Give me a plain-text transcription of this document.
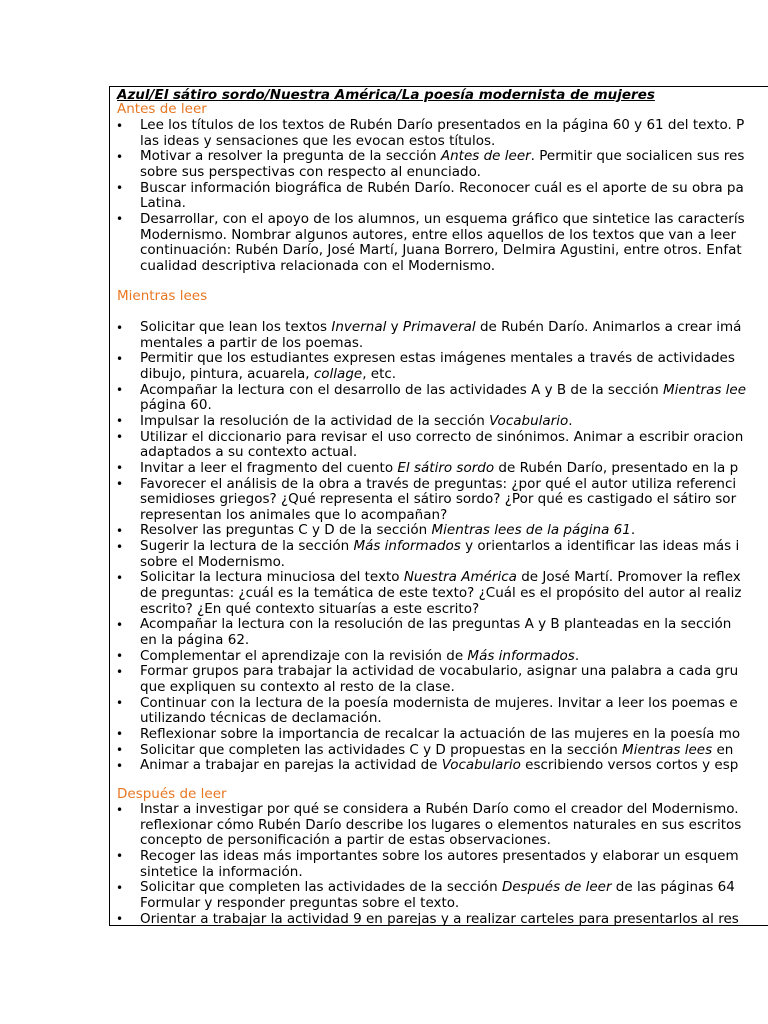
Azul/El sátiro sordo/Nuestra América/La poesía modernista de mujeres
Antes de leer
• Lee los títulos de los textos de Rubén Darío presentados en la página 60 y 61 del texto. P
las ideas y sensaciones que les evocan estos títulos.
• Motivar a resolver la pregunta de la sección Antes de leer. Permitir que socialicen sus res
sobre sus perspectivas con respecto al enunciado.
• Buscar información biográfica de Rubén Darío. Reconocer cuál es el aporte de su obra pa
Latina.
• Desarrollar, con el apoyo de los alumnos, un esquema gráfico que sintetice las caracterís
Modernismo. Nombrar algunos autores, entre ellos aquellos de los textos que van a leer
continuación: Rubén Darío, José Martí, Juana Borrero, Delmira Agustini, entre otros. Enfat
cualidad descriptiva relacionada con el Modernismo.
Mientras lees
• Solicitar que lean los textos Invernal y Primaveral de Rubén Darío. Animarlos a crear imá
mentales a partir de los poemas.
• Permitir que los estudiantes expresen estas imágenes mentales a través de actividades
dibujo, pintura, acuarela, collage, etc.
• Acompañar la lectura con el desarrollo de las actividades A y B de la sección Mientras lee
página 60.
• Impulsar la resolución de la actividad de la sección Vocabulario.
• Utilizar el diccionario para revisar el uso correcto de sinónimos. Animar a escribir oracion
adaptados a su contexto actual.
• Invitar a leer el fragmento del cuento El sátiro sordo de Rubén Darío, presentado en la p
• Favorecer el análisis de la obra a través de preguntas: ¿por qué el autor utiliza referenci
semidioses griegos? ¿Qué representa el sátiro sordo? ¿Por qué es castigado el sátiro sor
representan los animales que lo acompañan?
• Resolver las preguntas C y D de la sección Mientras lees de la página 61.
• Sugerir la lectura de la sección Más informados y orientarlos a identificar las ideas más i
sobre el Modernismo.
• Solicitar la lectura minuciosa del texto Nuestra América de José Martí. Promover la reflex
de preguntas: ¿cuál es la temática de este texto? ¿Cuál es el propósito del autor al realiz
escrito? ¿En qué contexto situarías a este escrito?
• Acompañar la lectura con la resolución de las preguntas A y B planteadas en la sección
en la página 62.
• Complementar el aprendizaje con la revisión de Más informados.
• Formar grupos para trabajar la actividad de vocabulario, asignar una palabra a cada gru
que expliquen su contexto al resto de la clase.
• Continuar con la lectura de la poesía modernista de mujeres. Invitar a leer los poemas e
utilizando técnicas de declamación.
• Reflexionar sobre la importancia de recalcar la actuación de las mujeres en la poesía mo
• Solicitar que completen las actividades C y D propuestas en la sección Mientras lees en
• Animar a trabajar en parejas la actividad de Vocabulario escribiendo versos cortos y esp
Después de leer
• Instar a investigar por qué se considera a Rubén Darío como el creador del Modernismo.
reflexionar cómo Rubén Darío describe los lugares o elementos naturales en sus escritos
concepto de personificación a partir de estas observaciones.
• Recoger las ideas más importantes sobre los autores presentados y elaborar un esquem
sintetice la información.
• Solicitar que completen las actividades de la sección Después de leer de las páginas 64
Formular y responder preguntas sobre el texto.
• Orientar a trabajar la actividad 9 en parejas y a realizar carteles para presentarlos al res
